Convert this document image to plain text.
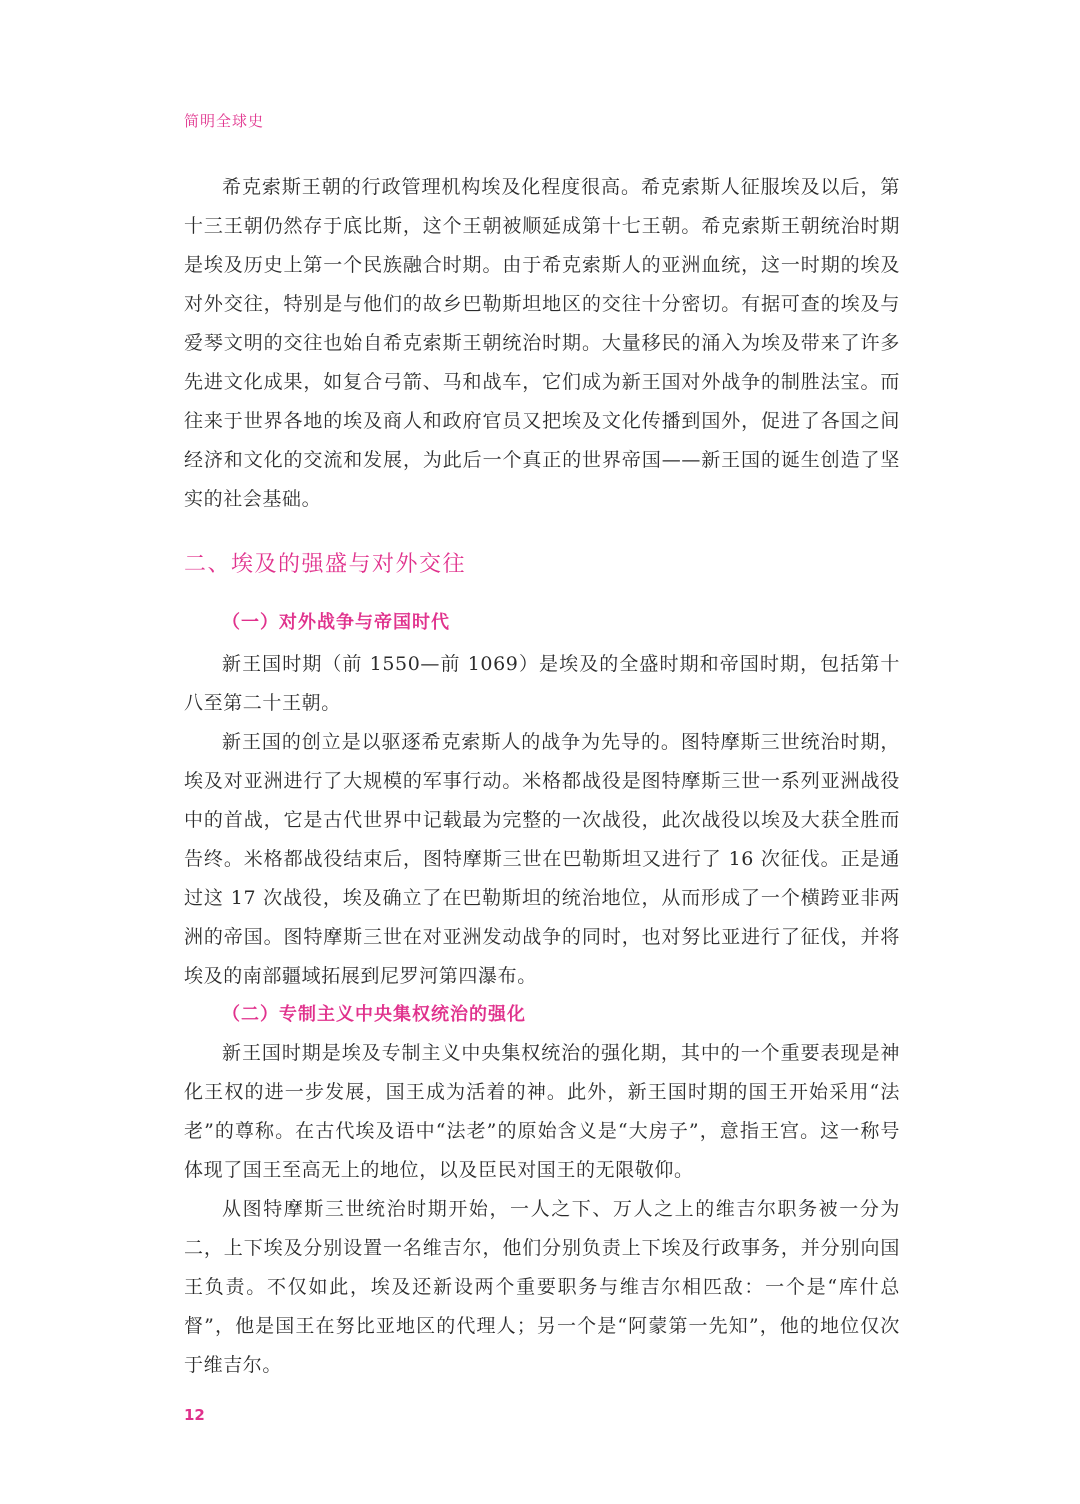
简明全球史

希克索斯王朝的行政管理机构埃及化程度很高。希克索斯人征服埃及以后，第十三王朝仍然存于底比斯，这个王朝被顺延成第十七王朝。希克索斯王朝统治时期是埃及历史上第一个民族融合时期。由于希克索斯人的亚洲血统，这一时期的埃及对外交往，特别是与他们的故乡巴勒斯坦地区的交往十分密切。有据可查的埃及与爱琴文明的交往也始自希克索斯王朝统治时期。大量移民的涌入为埃及带来了许多先进文化成果，如复合弓箭、马和战车，它们成为新王国对外战争的制胜法宝。而往来于世界各地的埃及商人和政府官员又把埃及文化传播到国外，促进了各国之间经济和文化的交流和发展，为此后一个真正的世界帝国——新王国的诞生创造了坚实的社会基础。

二、埃及的强盛与对外交往
（一）对外战争与帝国时代

新王国时期（前 1550—前 1069）是埃及的全盛时期和帝国时期，包括第十八至第二十王朝。

新王国的创立是以驱逐希克索斯人的战争为先导的。图特摩斯三世统治时期，埃及对亚洲进行了大规模的军事行动。米格都战役是图特摩斯三世一系列亚洲战役中的首战，它是古代世界中记载最为完整的一次战役，此次战役以埃及大获全胜而告终。米格都战役结束后，图特摩斯三世在巴勒斯坦又进行了 16 次征伐。正是通过这 17 次战役，埃及确立了在巴勒斯坦的统治地位，从而形成了一个横跨亚非两洲的帝国。图特摩斯三世在对亚洲发动战争的同时，也对努比亚进行了征伐，并将埃及的南部疆域拓展到尼罗河第四瀑布。

（二）专制主义中央集权统治的强化

新王国时期是埃及专制主义中央集权统治的强化期，其中的一个重要表现是神化王权的进一步发展，国王成为活着的神。此外，新王国时期的国王开始采用“法老”的尊称。在古代埃及语中“法老”的原始含义是“大房子”，意指王宫。这一称号体现了国王至高无上的地位，以及臣民对国王的无限敬仰。

从图特摩斯三世统治时期开始，一人之下、万人之上的维吉尔职务被一分为二，上下埃及分别设置一名维吉尔，他们分别负责上下埃及行政事务，并分别向国王负责。不仅如此，埃及还新设两个重要职务与维吉尔相匹敌：一个是“库什总督”，他是国王在努比亚地区的代理人；另一个是“阿蒙第一先知”，他的地位仅次于维吉尔。

12
